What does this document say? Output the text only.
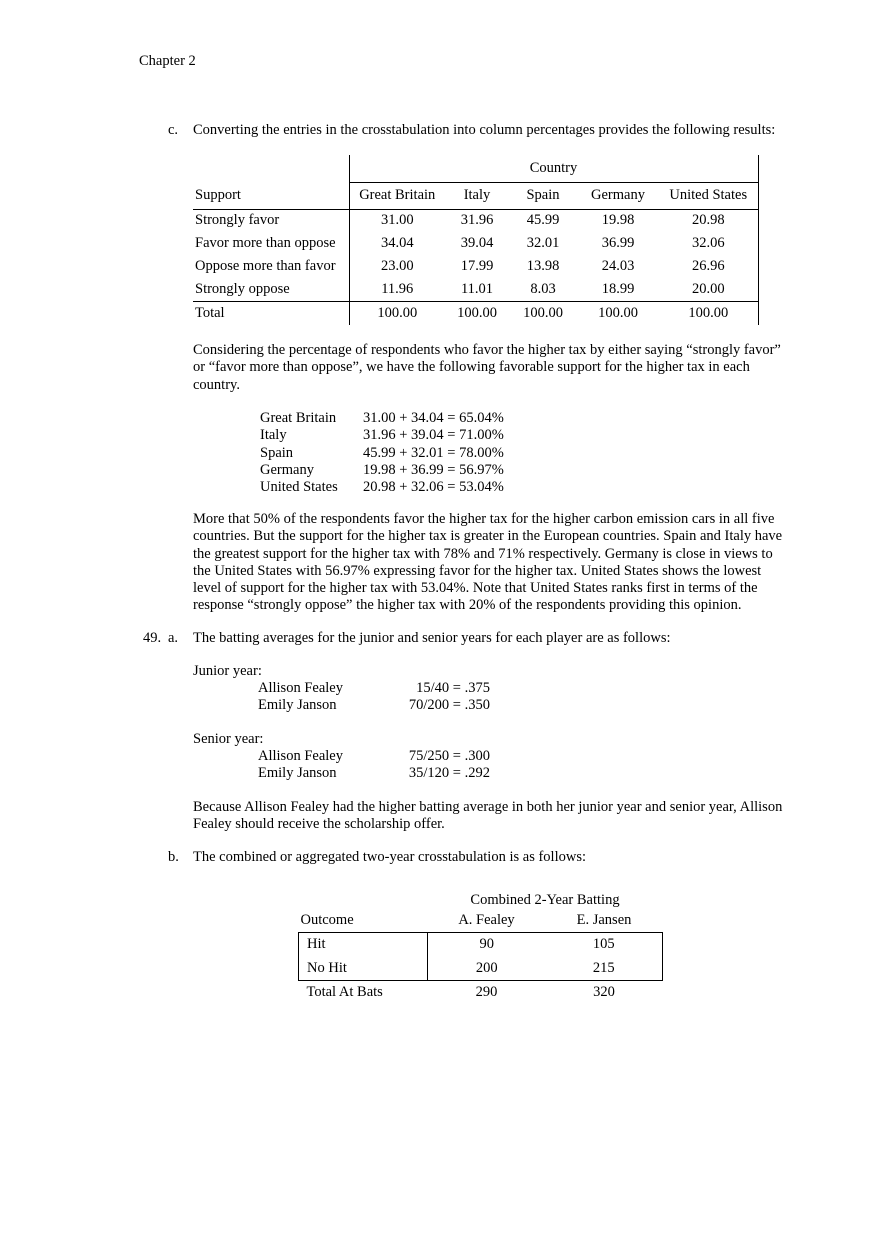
Chapter 2
c. Converting the entries in the crosstabulation into column percentages provides the following results:
	Country				
Support	Great Britain	Italy	Spain	Germany	United States
Strongly favor	31.00	31.96	45.99	19.98	20.98
Favor more than oppose	34.04	39.04	32.01	36.99	32.06
Oppose more than favor	23.00	17.99	13.98	24.03	26.96
Strongly oppose	11.96	11.01	8.03	18.99	20.00
Total	100.00	100.00	100.00	100.00	100.00
Considering the percentage of respondents who favor the higher tax by either saying “strongly favor” or “favor more than oppose”, we have the following favorable support for the higher tax in each country.
Great Britain	31.00 + 34.04 = 65.04%
Italy	31.96 + 39.04 = 71.00%
Spain	45.99 + 32.01 = 78.00%
Germany	19.98 + 36.99 = 56.97%
United States	20.98 + 32.06 = 53.04%
More that 50% of the respondents favor the higher tax for the higher carbon emission cars in all five countries. But the support for the higher tax is greater in the European countries. Spain and Italy have the greatest support for the higher tax with 78% and 71% respectively. Germany is close in views to the United States with 56.97% expressing favor for the higher tax. United States shows the lowest level of support for the higher tax with 53.04%. Note that United States ranks first in terms of the response “strongly oppose” the higher tax with 20% of the respondents providing this opinion.
49. a. The batting averages for the junior and senior years for each player are as follows:
Junior year:
Allison Fealey	15/40 = .375
Emily Janson	70/200 = .350
Senior year:
Allison Fealey	75/250 = .300
Emily Janson	35/120 = .292
Because Allison Fealey had the higher batting average in both her junior year and senior year, Allison Fealey should receive the scholarship offer.
b. The combined or aggregated two-year crosstabulation is as follows:
	Combined 2-Year Batting	
Outcome	A. Fealey	E. Jansen
Hit	90	105
No Hit	200	215
Total At Bats	290	320
